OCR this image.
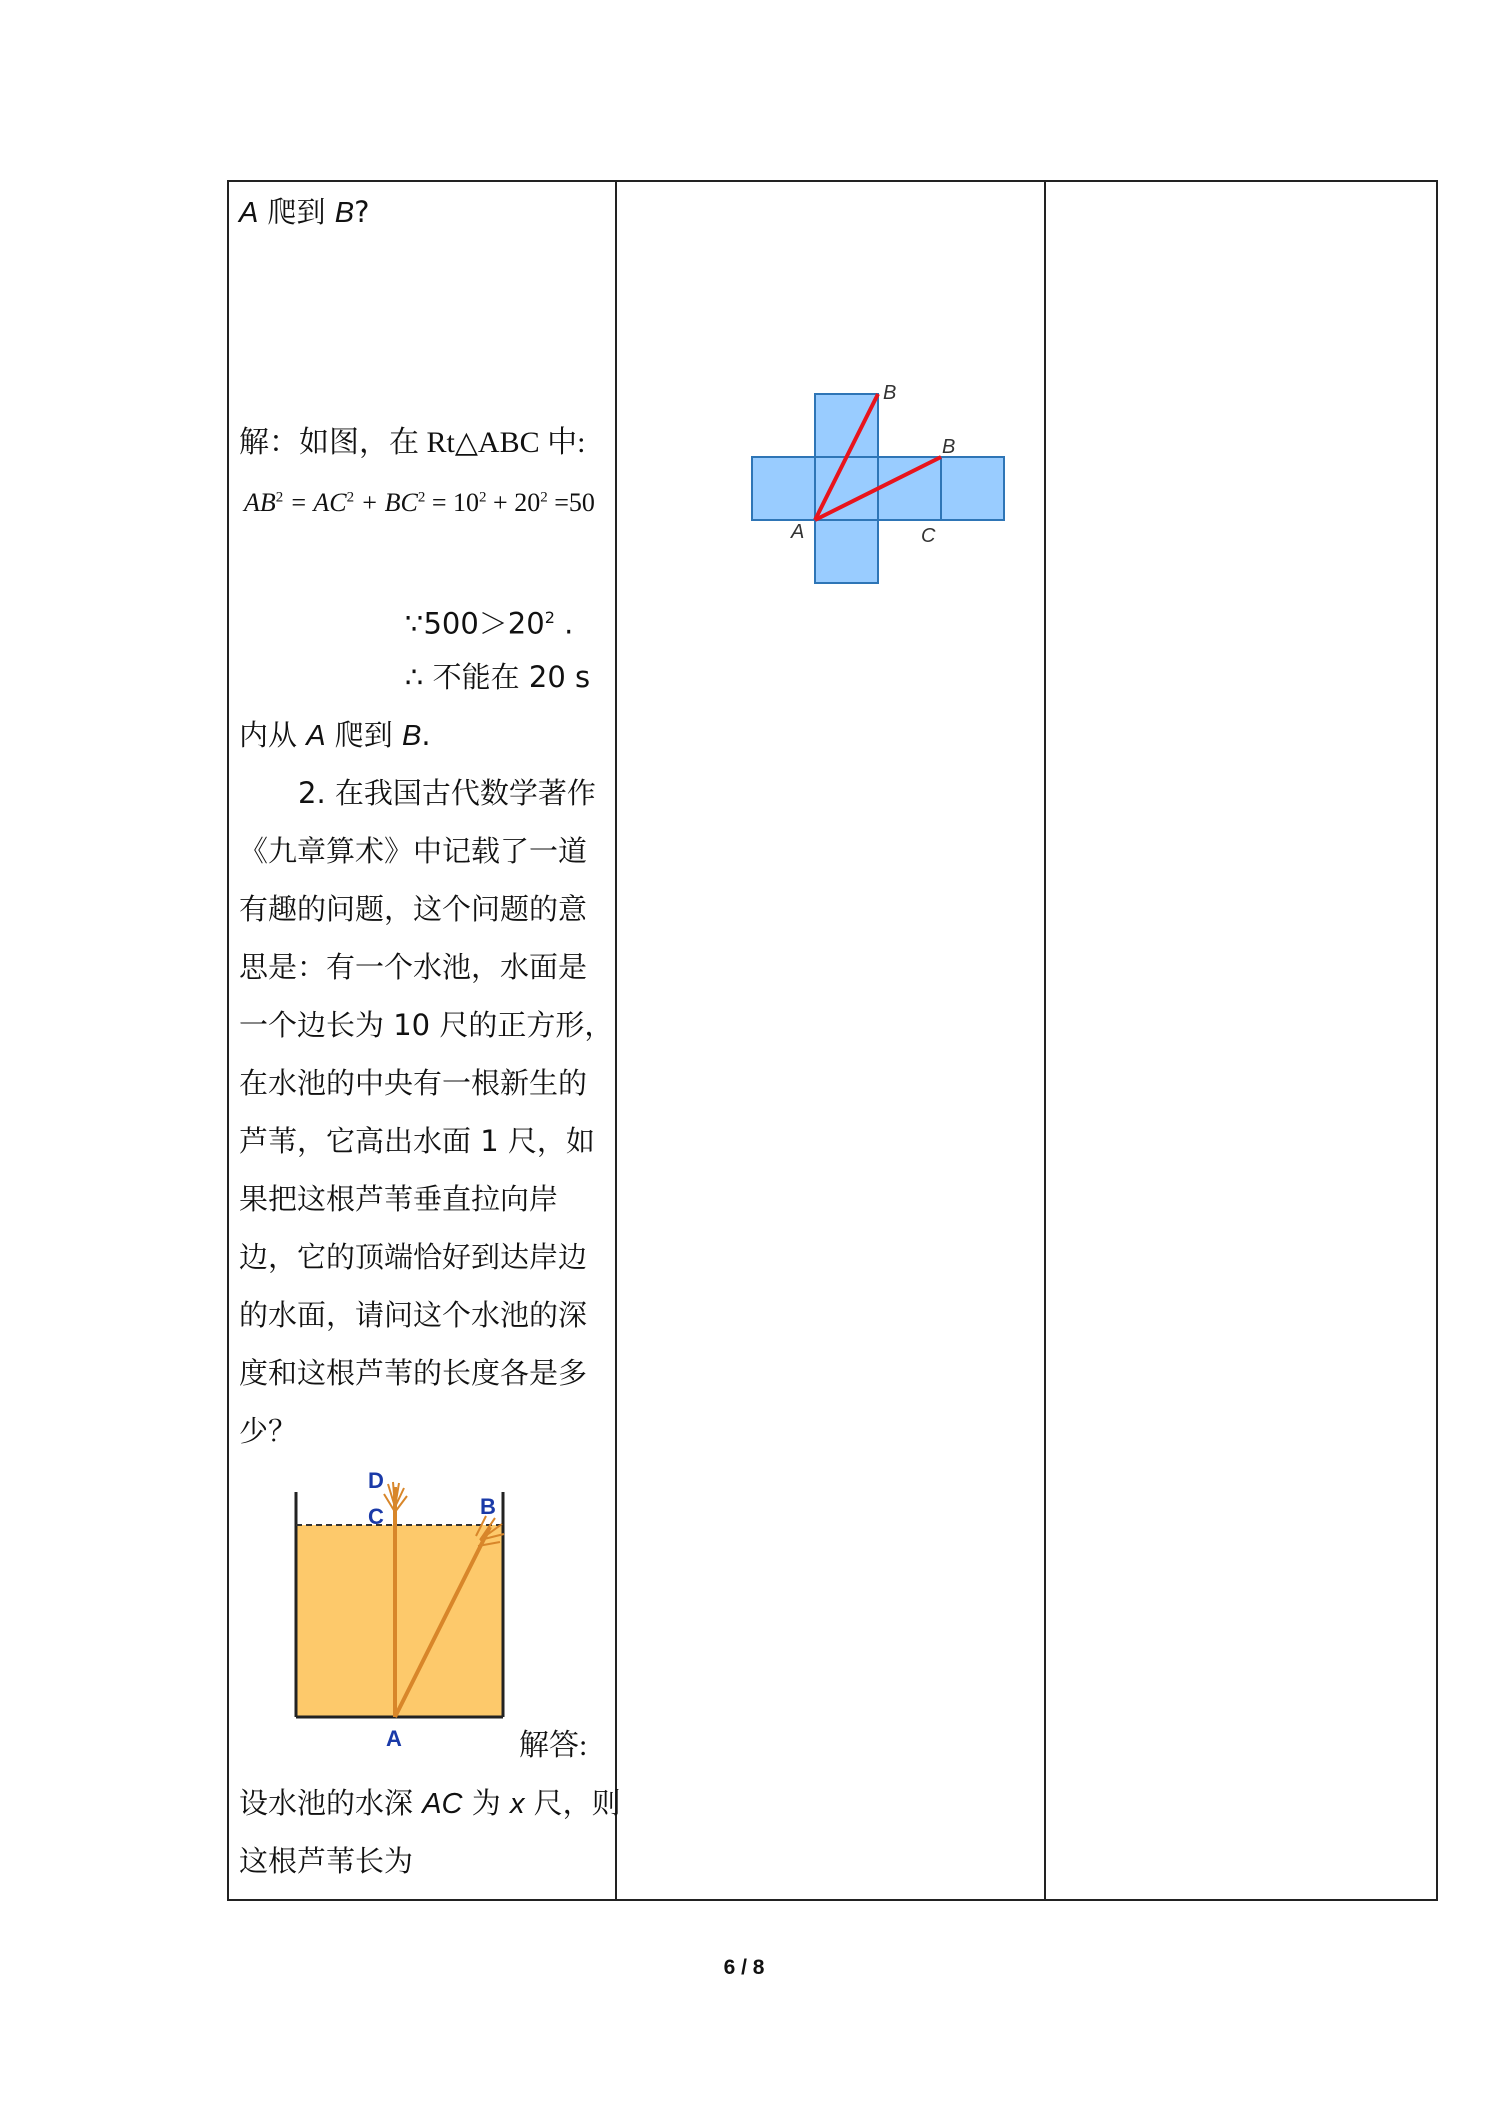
A 爬到 B?
解：如图，在 Rt△ABC 中:
$AB^2 = AC^2 + BC^2 = 10^2 + 20^2 =50$
$\because 500>20^2$ .
∴ 不能在 20 s
内从 A 爬到 B.
2. 在我国古代数学著作
《九章算术》中记载了一道
有趣的问题，这个问题的意
思是：有一个水池，水面是
一个边长为 10 尺的正方形，
在水池的中央有一根新生的
芦苇，它高出水面 1 尺，如
果把这根芦苇垂直拉向岸
边，它的顶端恰好到达岸边
的水面，请问这个水池的深
度和这根芦苇的长度各是多
少？
D
C	B
A	解答:
设水池的水深 AC 为 x 尺，则
这根芦苇长为
B
B
A	C
6 / 8
